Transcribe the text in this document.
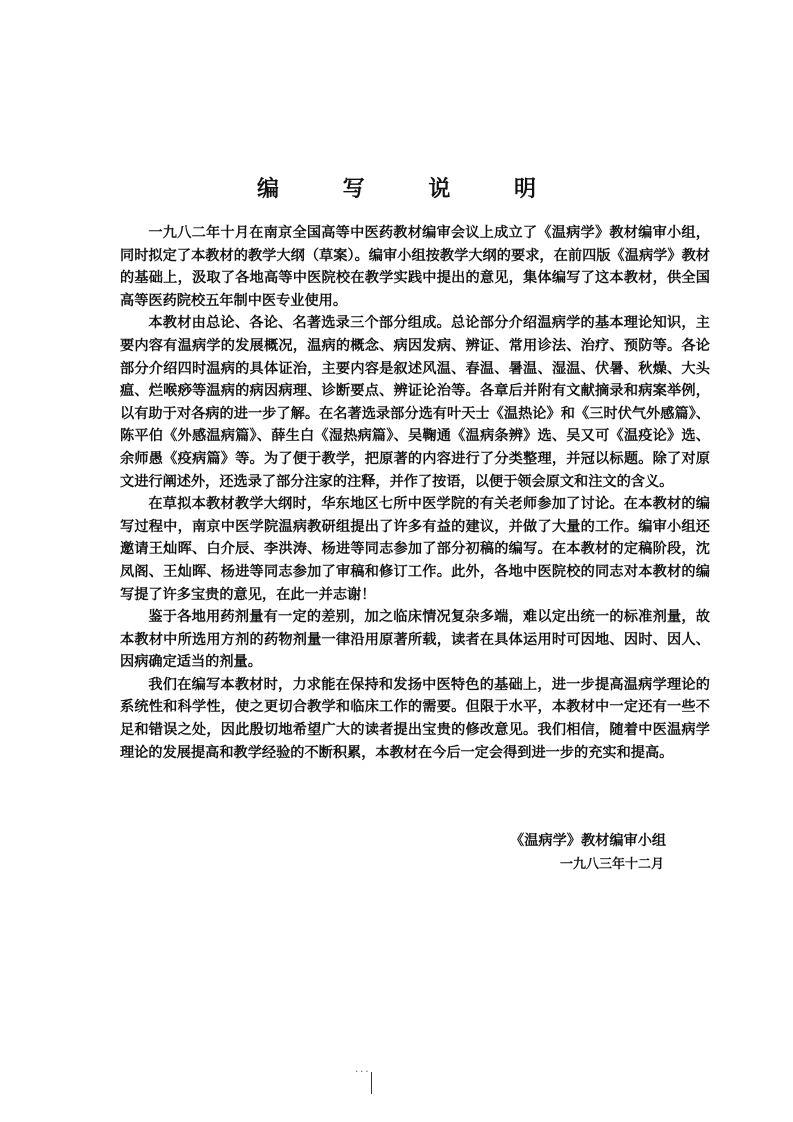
编 写 说 明

一九八二年十月在南京全国高等中医药教材编审会议上成立了《温病学》教材编审小组，同时拟定了本教材的教学大纲（草案）。编审小组按教学大纲的要求，在前四版《温病学》教材的基础上，汲取了各地高等中医院校在教学实践中提出的意见，集体编写了这本教材，供全国高等医药院校五年制中医专业使用。

本教材由总论、各论、名著选录三个部分组成。总论部分介绍温病学的基本理论知识，主要内容有温病学的发展概况，温病的概念、病因发病、辨证、常用诊法、治疗、预防等。各论部分介绍四时温病的具体证治，主要内容是叙述风温、春温、暑温、湿温、伏暑、秋燥、大头瘟、烂喉痧等温病的病因病理、诊断要点、辨证论治等。各章后并附有文献摘录和病案举例，以有助于对各病的进一步了解。在名著选录部分选有叶天士《温热论》和《三时伏气外感篇》、陈平伯《外感温病篇》、薛生白《湿热病篇》、吴鞠通《温病条辨》选、吴又可《温疫论》选、余师愚《疫病篇》等。为了便于教学，把原著的内容进行了分类整理，并冠以标题。除了对原文进行阐述外，还选录了部分注家的注释，并作了按语，以便于领会原文和注文的含义。

在草拟本教材教学大纲时，华东地区七所中医学院的有关老师参加了讨论。在本教材的编写过程中，南京中医学院温病教研组提出了许多有益的建议，并做了大量的工作。编审小组还邀请王灿晖、白介辰、李洪涛、杨进等同志参加了部分初稿的编写。在本教材的定稿阶段，沈凤阁、王灿晖、杨进等同志参加了审稿和修订工作。此外，各地中医院校的同志对本教材的编写提了许多宝贵的意见，在此一并志谢！

鉴于各地用药剂量有一定的差别，加之临床情况复杂多端，难以定出统一的标准剂量，故本教材中所选用方剂的药物剂量一律沿用原著所载，读者在具体运用时可因地、因时、因人、因病确定适当的剂量。

我们在编写本教材时，力求能在保持和发扬中医特色的基础上，进一步提高温病学理论的系统性和科学性，使之更切合教学和临床工作的需要。但限于水平，本教材中一定还有一些不足和错误之处，因此殷切地希望广大的读者提出宝贵的修改意见。我们相信，随着中医温病学理论的发展提高和教学经验的不断积累，本教材在今后一定会得到进一步的充实和提高。

《温病学》教材编审小组
一九八三年十二月
...
